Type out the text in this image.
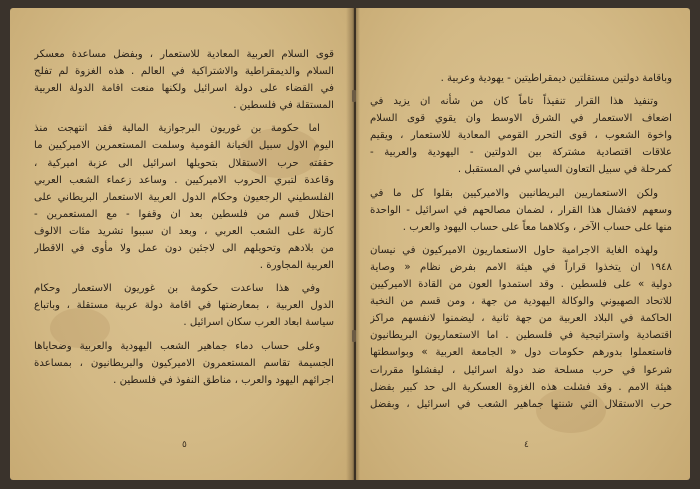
قوى السلام العربية المعادية للاستعمار ، وبفضل مساعدة معسكر
السلام والديمقراطية والاشتراكية في العالم . هذه الغزوة لم تفلح
في القضاء على دولة اسرائيل ولكنها منعت اقامة الدولة العربية
المستقلة في فلسطين .
اما حكومة بن غوريون البرجوازية المالية فقد انتهجت منذ
اليوم الاول سبيل الخيانة القومية وسلمت المستعمرين الاميركيين ما
حققته حرب الاستقلال بتحويلها اسرائيل الى عزبة اميركية ،
وقاعدة لتبري الحروب الاميركيين . وساعد زعماء الشعب العربي
الفلسطيني الرجعيون وحكام الدول العربية الاستعمار البريطاني على
احتلال قسم من فلسطين بعد ان وقفوا - مع المستعمرين -
كارثة على الشعب العربي ، وبعد ان سببوا تشريد مئات الالوف
من بلادهم وتحويلهم الى لاجئين دون عمل ولا مأوى في الاقطار
العربية المجاورة .
وفي هذا ساعدت حكومة بن غوريون الاستعمار وحكام
الدول العربية ، بمعارضتها في اقامة دولة عربية مستقلة ، وباتباع
سياسة ابعاد العرب سكان اسرائيل .
وعلى حساب دماء جماهير الشعب اليهودية والعربية وضحاياها
الجسيمة تقاسم المستعمرون الاميركيون والبريطانيون ، بمساعدة
اجرائهم اليهود والعرب ، مناطق النفوذ في فلسطين .
٥
وباقامة دولتين مستقلتين ديمقراطيتين - يهودية وعربية .
وتنفيذ هذا القرار تنفيذاً تاماً كان من شأنه ان يزيد في
اضعاف الاستعمار في الشرق الاوسط وان يقوي قوى السلام
واخوة الشعوب ، قوى التحرر القومي المعادية للاستعمار ، ويقيم
علاقات اقتصادية مشتركة بين الدولتين - اليهودية والعربية -
كمرحلة في سبيل التعاون السياسي في المستقبل .
ولكن الاستعماريين البريطانيين والاميركيين بقلوا كل ما في
وسعهم لافشال هذا القرار ، لضمان مصالحهم في اسرائيل - الواحدة
منها على حساب الآخر ، وكلاهما معاً على حساب اليهود والعرب .
ولهذه الغاية الاجرامية حاول الاستعماريون الاميركيون في نيسان
١٩٤٨ ان يتخذوا قراراً في هيئة الامم بفرض نظام « وصاية
دولية » على فلسطين . وقد استمدوا العون من القادة الاميركيين
للاتحاد الصهيوني والوكالة اليهودية من جهة ، ومن قسم من النخبة
الحاكمة في البلاد العربية من جهة ثانية ، ليضمنوا لانفسهم مراكز
اقتصادية واستراتيجية في فلسطين . اما الاستعماريون البريطانيون
فاستعملوا بدورهم حكومات دول « الجامعة العربية » وبواسطتها
شرعوا في حرب مسلحة ضد دولة اسرائيل ، ليفشلوا مقررات
هيئة الامم . وقد فشلت هذه الغزوة العسكرية الى حد كبير بفضل
حرب الاستقلال التي شنتها جماهير الشعب في اسرائيل ، وبفضل
٤
